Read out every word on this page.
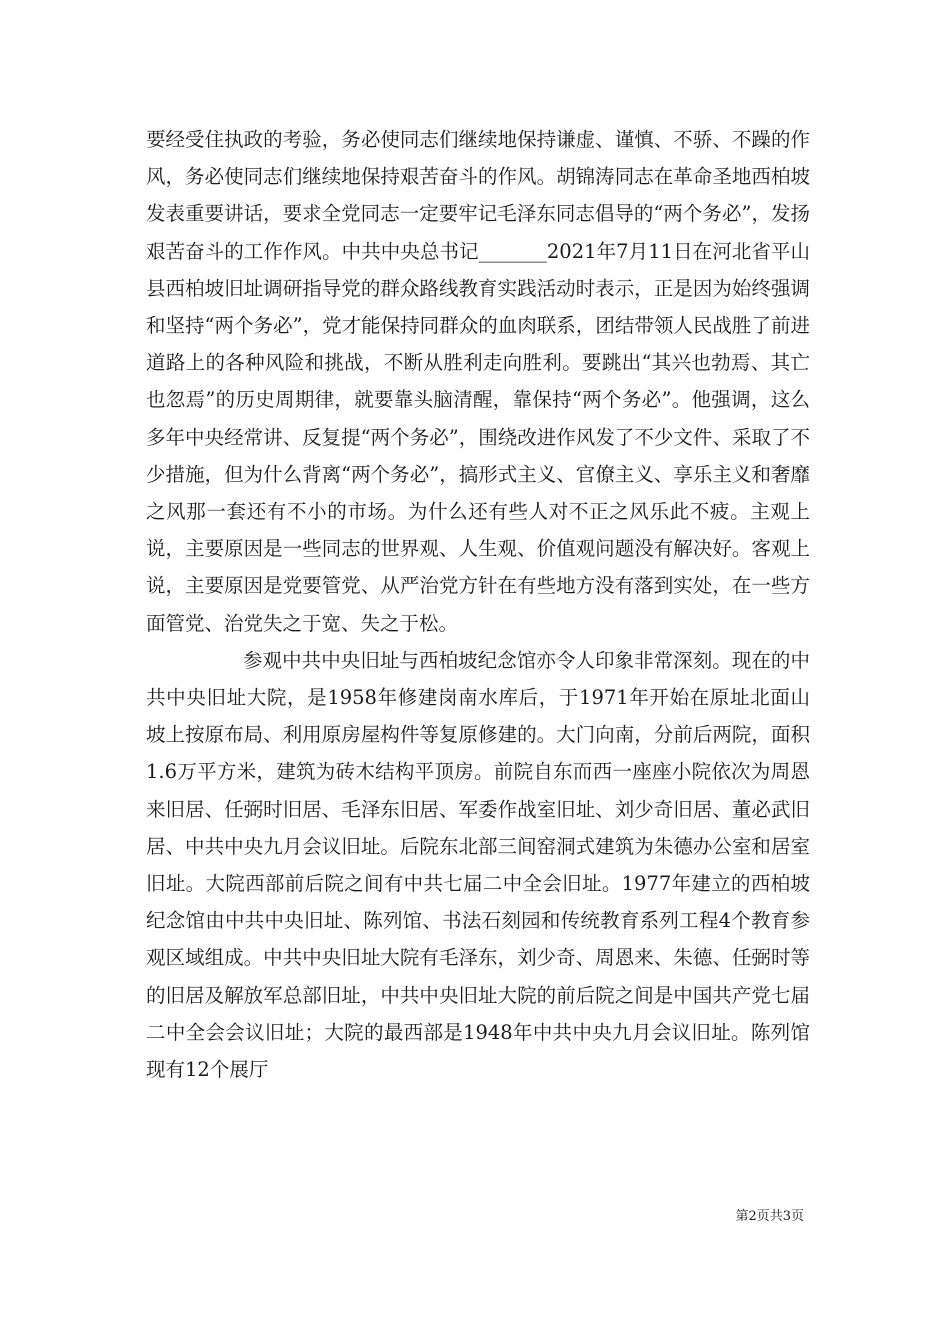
要经受住执政的考验，务必使同志们继续地保持谦虚、谨慎、不骄、不躁的作风，务必使同志们继续地保持艰苦奋斗的作风。胡锦涛同志在革命圣地西柏坡发表重要讲话，要求全党同志一定要牢记毛泽东同志倡导的“两个务必”，发扬艰苦奋斗的工作作风。中共中央总书记_______2021年7月11日在河北省平山县西柏坡旧址调研指导党的群众路线教育实践活动时表示，正是因为始终强调和坚持“两个务必”，党才能保持同群众的血肉联系，团结带领人民战胜了前进道路上的各种风险和挑战，不断从胜利走向胜利。要跳出“其兴也勃焉、其亡也忽焉”的历史周期律，就要靠头脑清醒，靠保持“两个务必”。他强调，这么多年中央经常讲、反复提“两个务必”，围绕改进作风发了不少文件、采取了不少措施，但为什么背离“两个务必”，搞形式主义、官僚主义、享乐主义和奢靡之风那一套还有不小的市场。为什么还有些人对不正之风乐此不疲。主观上说，主要原因是一些同志的世界观、人生观、价值观问题没有解决好。客观上说，主要原因是党要管党、从严治党方针在有些地方没有落到实处，在一些方面管党、治党失之于宽、失之于松。

参观中共中央旧址与西柏坡纪念馆亦令人印象非常深刻。现在的中共中央旧址大院，是1958年修建岗南水库后，于1971年开始在原址北面山坡上按原布局、利用原房屋构件等复原修建的。大门向南，分前后两院，面积1.6万平方米，建筑为砖木结构平顶房。前院自东而西一座座小院依次为周恩来旧居、任弼时旧居、毛泽东旧居、军委作战室旧址、刘少奇旧居、董必武旧居、中共中央九月会议旧址。后院东北部三间窑洞式建筑为朱德办公室和居室旧址。大院西部前后院之间有中共七届二中全会旧址。1977年建立的西柏坡纪念馆由中共中央旧址、陈列馆、书法石刻园和传统教育系列工程4个教育参观区域组成。中共中央旧址大院有毛泽东，刘少奇、周恩来、朱德、任弼时等的旧居及解放军总部旧址，中共中央旧址大院的前后院之间是中国共产党七届二中全会会议旧址；大院的最西部是1948年中共中央九月会议旧址。陈列馆现有12个展厅

第2页共3页
